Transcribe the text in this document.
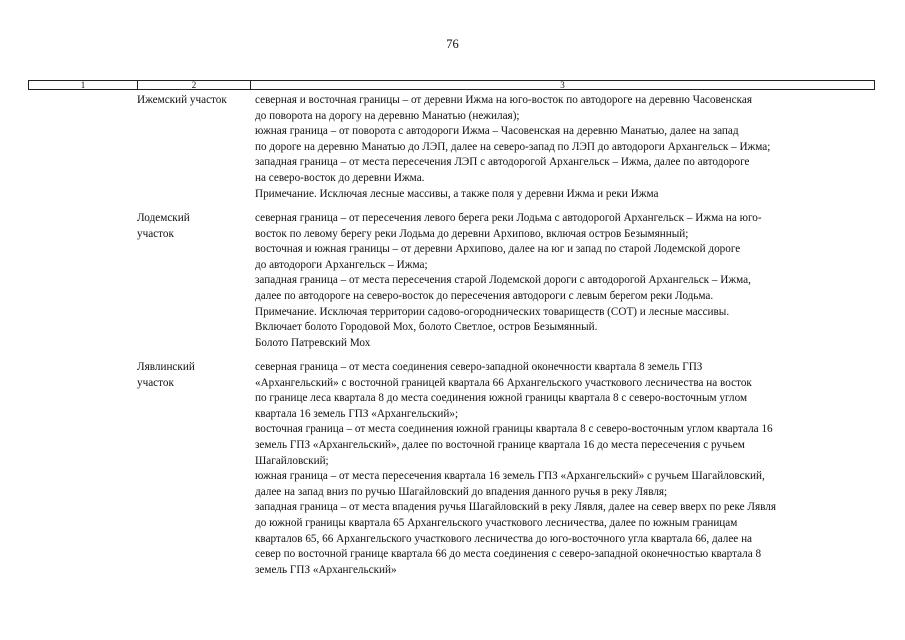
76
1	2	3
Ижемский участок	северная и восточная границы – от деревни Ижма на юго-восток по автодороге на деревню Часовенская
до поворота на дорогу на деревню Манатью (нежилая);
южная граница – от поворота с автодороги Ижма – Часовенская на деревню Манатью, далее на запад
по дороге на деревню Манатью до ЛЭП, далее на северо-запад по ЛЭП до автодороги Архангельск – Ижма;
западная граница – от места пересечения ЛЭП с автодорогой Архангельск – Ижма, далее по автодороге
на северо-восток до деревни Ижма.
Примечание. Исключая лесные массивы, а также поля у деревни Ижма и реки Ижма
Лодемский
участок
северная граница – от пересечения левого берега реки Лодьма с автодорогой Архангельск – Ижма на юго-
восток по левому берегу реки Лодьма до деревни Архипово, включая остров Безымянный;
восточная и южная границы – от деревни Архипово, далее на юг и запад по старой Лодемской дороге
до автодороги Архангельск – Ижма;
западная граница – от места пересечения старой Лодемской дороги с автодорогой Архангельск – Ижма,
далее по автодороге на северо-восток до пересечения автодороги с левым берегом реки Лодьма.
Примечание. Исключая территории садово-огороднических товариществ (СОТ) и лесные массивы.
Включает болото Городовой Мох, болото Светлое, остров Безымянный.
Болото Патревский Мох
Лявлинский
участок
северная граница – от места соединения северо-западной оконечности квартала 8 земель ГПЗ
«Архангельский» с восточной границей квартала 66 Архангельского участкового лесничества на восток
по границе леса квартала 8 до места соединения южной границы квартала 8 с северо-восточным углом
квартала 16 земель ГПЗ «Архангельский»;
восточная граница – от места соединения южной границы квартала 8 с северо-восточным углом квартала 16
земель ГПЗ «Архангельский», далее по восточной границе квартала 16 до места пересечения с ручьем
Шагайловский;
южная граница – от места пересечения квартала 16 земель ГПЗ «Архангельский» с ручьем Шагайловский,
далее на запад вниз по ручью Шагайловский до впадения данного ручья в реку Лявля;
западная граница – от места впадения ручья Шагайловский в реку Лявля, далее на север вверх по реке Лявля
до южной границы квартала 65 Архангельского участкового лесничества, далее по южным границам
кварталов 65, 66 Архангельского участкового лесничества до юго-восточного угла квартала 66, далее на
север по восточной границе квартала 66 до места соединения с северо-западной оконечностью квартала 8
земель ГПЗ «Архангельский»
